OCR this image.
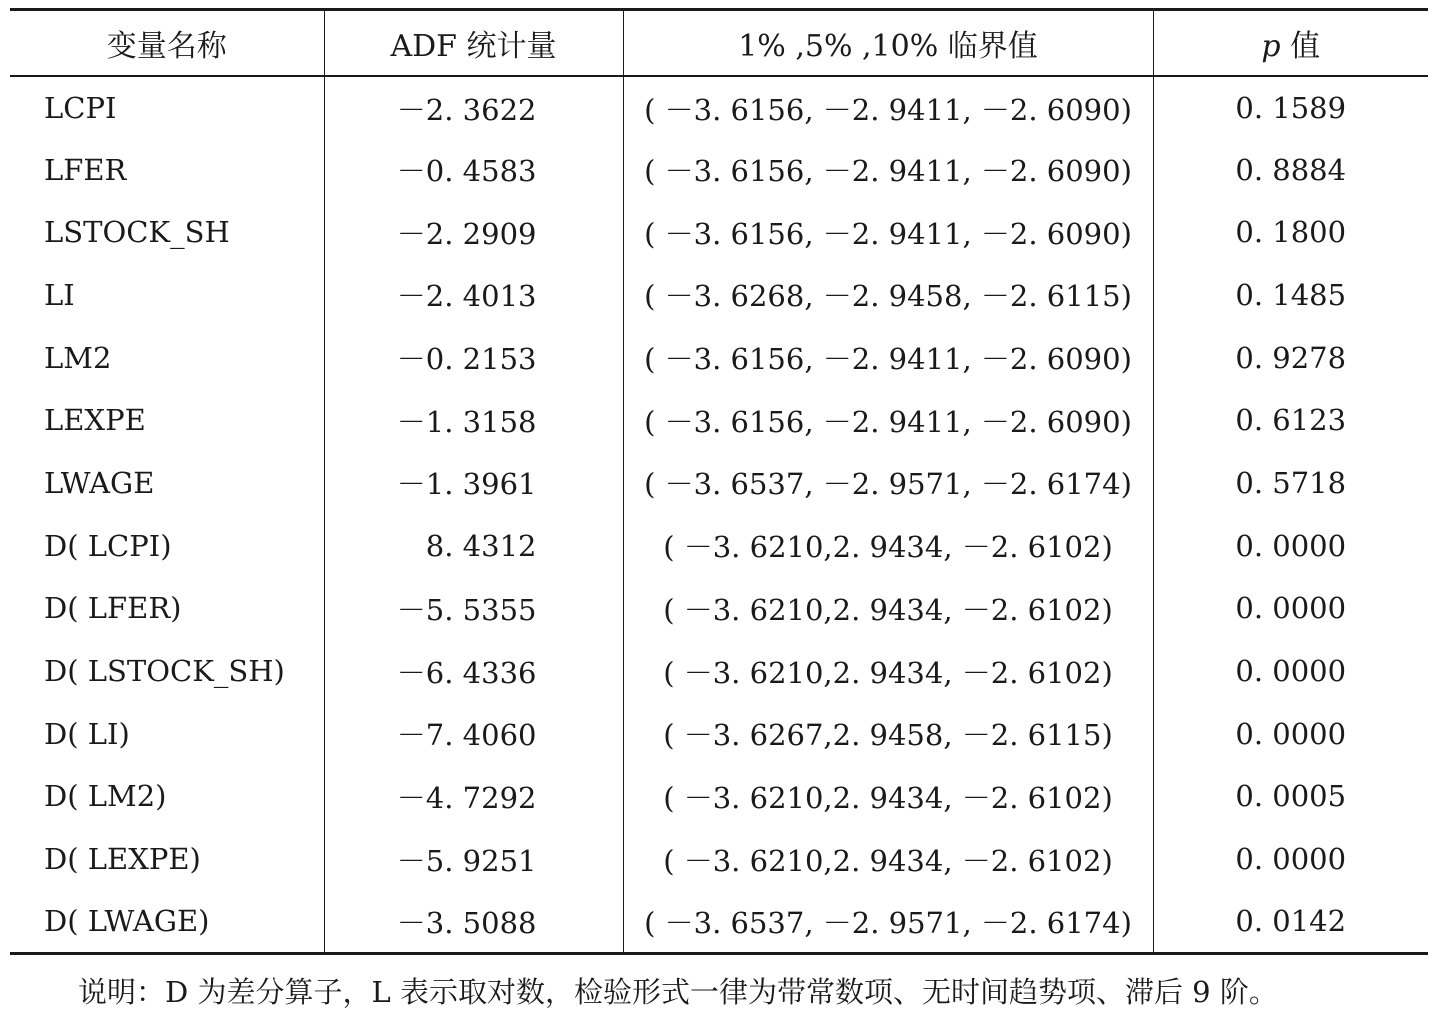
变量名称	ADF 统计量	1% ,5% ,10% 临界值	p 值
LCPI	－2. 3622	( －3. 6156, －2. 9411, －2. 6090)	0. 1589
LFER	－0. 4583	( －3. 6156, －2. 9411, －2. 6090)	0. 8884
LSTOCK_SH	－2. 2909	( －3. 6156, －2. 9411, －2. 6090)	0. 1800
LI	－2. 4013	( －3. 6268, －2. 9458, －2. 6115)	0. 1485
LM2	－0. 2153	( －3. 6156, －2. 9411, －2. 6090)	0. 9278
LEXPE	－1. 3158	( －3. 6156, －2. 9411, －2. 6090)	0. 6123
LWAGE	－1. 3961	( －3. 6537, －2. 9571, －2. 6174)	0. 5718
D( LCPI)	8. 4312	( －3. 6210,2. 9434, －2. 6102)	0. 0000
D( LFER)	－5. 5355	( －3. 6210,2. 9434, －2. 6102)	0. 0000
D( LSTOCK_SH)	－6. 4336	( －3. 6210,2. 9434, －2. 6102)	0. 0000
D( LI)	－7. 4060	( －3. 6267,2. 9458, －2. 6115)	0. 0000
D( LM2)	－4. 7292	( －3. 6210,2. 9434, －2. 6102)	0. 0005
D( LEXPE)	－5. 9251	( －3. 6210,2. 9434, －2. 6102)	0. 0000
D( LWAGE)	－3. 5088	( －3. 6537, －2. 9571, －2. 6174)	0. 0142
说明：D 为差分算子，L 表示取对数，检验形式一律为带常数项、无时间趋势项、滞后 9 阶。
